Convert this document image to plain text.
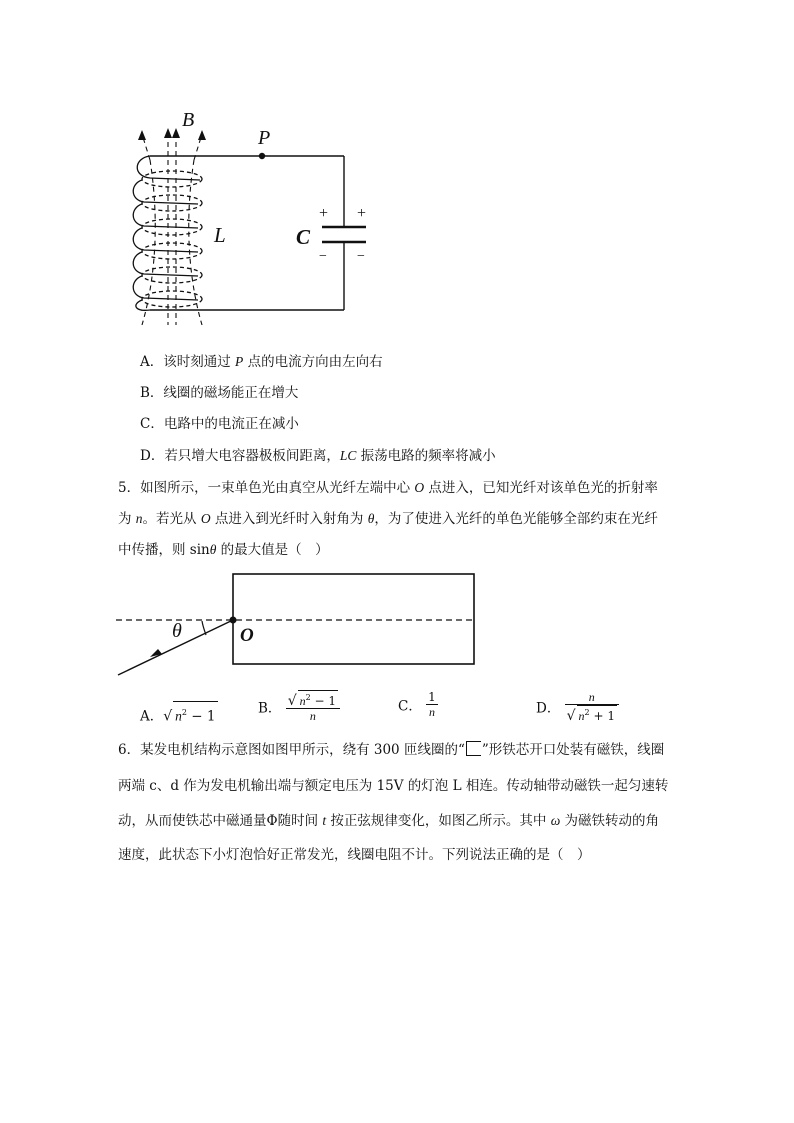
B
P
L	C
+ +
− −
A．该时刻通过 P 点的电流方向由左向右
B．线圈的磁场能正在增大
C．电路中的电流正在减小
D．若只增大电容器极板间距离，LC 振荡电路的频率将减小
5．如图所示，一束单色光由真空从光纤左端中心 O 点进入，已知光纤对该单色光的折射率
为 n。若光从 O 点进入到光纤时入射角为 θ，为了使进入光纤的单色光能够全部约束在光纤
中传播，则 sinθ 的最大值是（　）
θ	O
A．√ $n^2 - 1$	B． $\frac{√ n^2 - 1}{n}$	C． $\frac{1}{n}$	D． $\frac{n}{√ n^2 + 1}$
6．某发电机结构示意图如图甲所示，绕有 300 匝线圈的“ ”形铁芯开口处装有磁铁，线圈
两端 c、d 作为发电机输出端与额定电压为 15V 的灯泡 L 相连。传动轴带动磁铁一起匀速转
动，从而使铁芯中磁通量Φ随时间 t 按正弦规律变化，如图乙所示。其中 ω 为磁铁转动的角
速度，此状态下小灯泡恰好正常发光，线圈电阻不计。下列说法正确的是（　）
